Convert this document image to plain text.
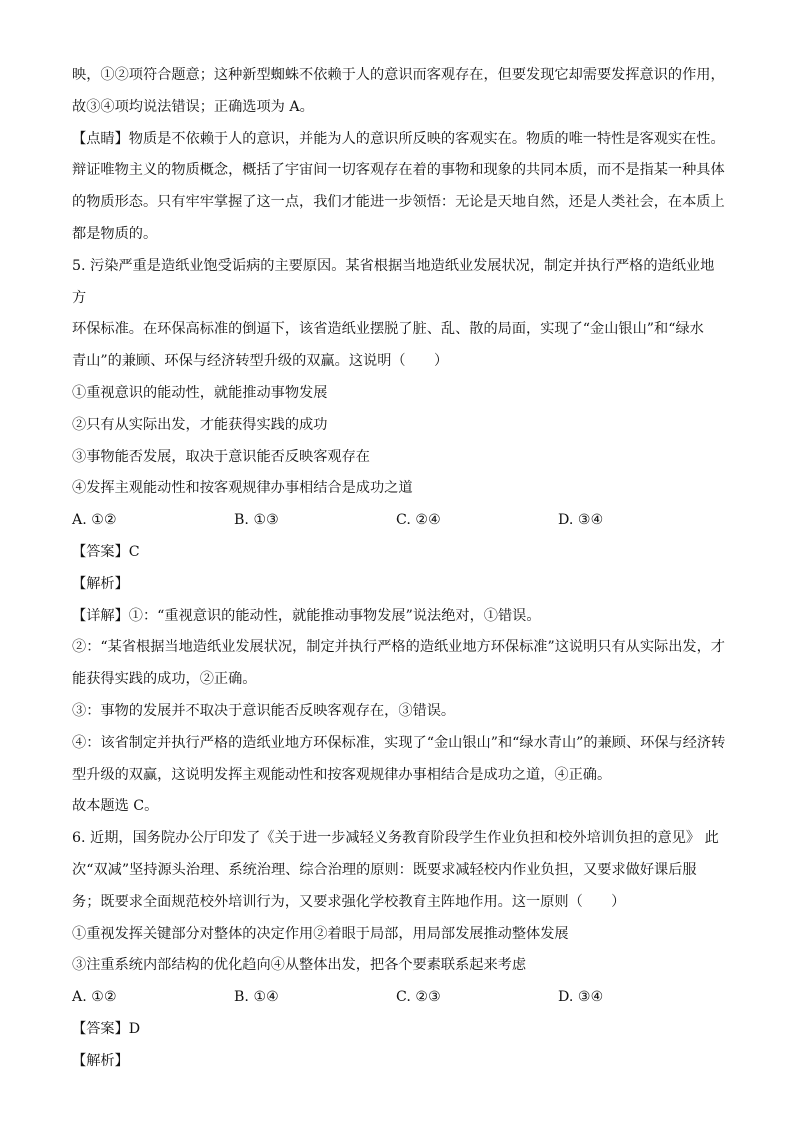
映，①②项符合题意；这种新型蜘蛛不依赖于人的意识而客观存在，但要发现它却需要发挥意识的作用，

故③④项均说法错误；正确选项为 A。

【点睛】物质是不依赖于人的意识，并能为人的意识所反映的客观实在。物质的唯一特性是客观实在性。

辩证唯物主义的物质概念，概括了宇宙间一切客观存在着的事物和现象的共同本质，而不是指某一种具体

的物质形态。只有牢牢掌握了这一点，我们才能进一步领悟：无论是天地自然，还是人类社会，在本质上

都是物质的。

5. 污染严重是造纸业饱受诟病的主要原因。某省根据当地造纸业发展状况，制定并执行严格的造纸业地方

环保标准。在环保高标准的倒逼下，该省造纸业摆脱了脏、乱、散的局面，实现了“金山银山”和“绿水

青山”的兼顾、环保与经济转型升级的双赢。这说明（　　）

①重视意识的能动性，就能推动事物发展

②只有从实际出发，才能获得实践的成功

③事物能否发展，取决于意识能否反映客观存在

④发挥主观能动性和按客观规律办事相结合是成功之道

A. ①②	B. ①③	C. ②④	D. ③④

【答案】C

【解析】

【详解】①：“重视意识的能动性，就能推动事物发展”说法绝对，①错误。

②：“某省根据当地造纸业发展状况，制定并执行严格的造纸业地方环保标准”这说明只有从实际出发，才

能获得实践的成功，②正确。

③：事物的发展并不取决于意识能否反映客观存在，③错误。

④：该省制定并执行严格的造纸业地方环保标准，实现了“金山银山”和“绿水青山”的兼顾、环保与经济转

型升级的双赢，这说明发挥主观能动性和按客观规律办事相结合是成功之道，④正确。

故本题选 C。

6. 近期，国务院办公厅印发了《关于进一步减轻义务教育阶段学生作业负担和校外培训负担的意见》 此

次“双减”坚持源头治理、系统治理、综合治理的原则：既要求减轻校内作业负担，又要求做好课后服

务；既要求全面规范校外培训行为，又要求强化学校教育主阵地作用。这一原则（　　）

①重视发挥关键部分对整体的决定作用②着眼于局部，用局部发展推动整体发展

③注重系统内部结构的优化趋向④从整体出发，把各个要素联系起来考虑

A. ①②	B. ①④	C. ②③	D. ③④

【答案】D

【解析】
